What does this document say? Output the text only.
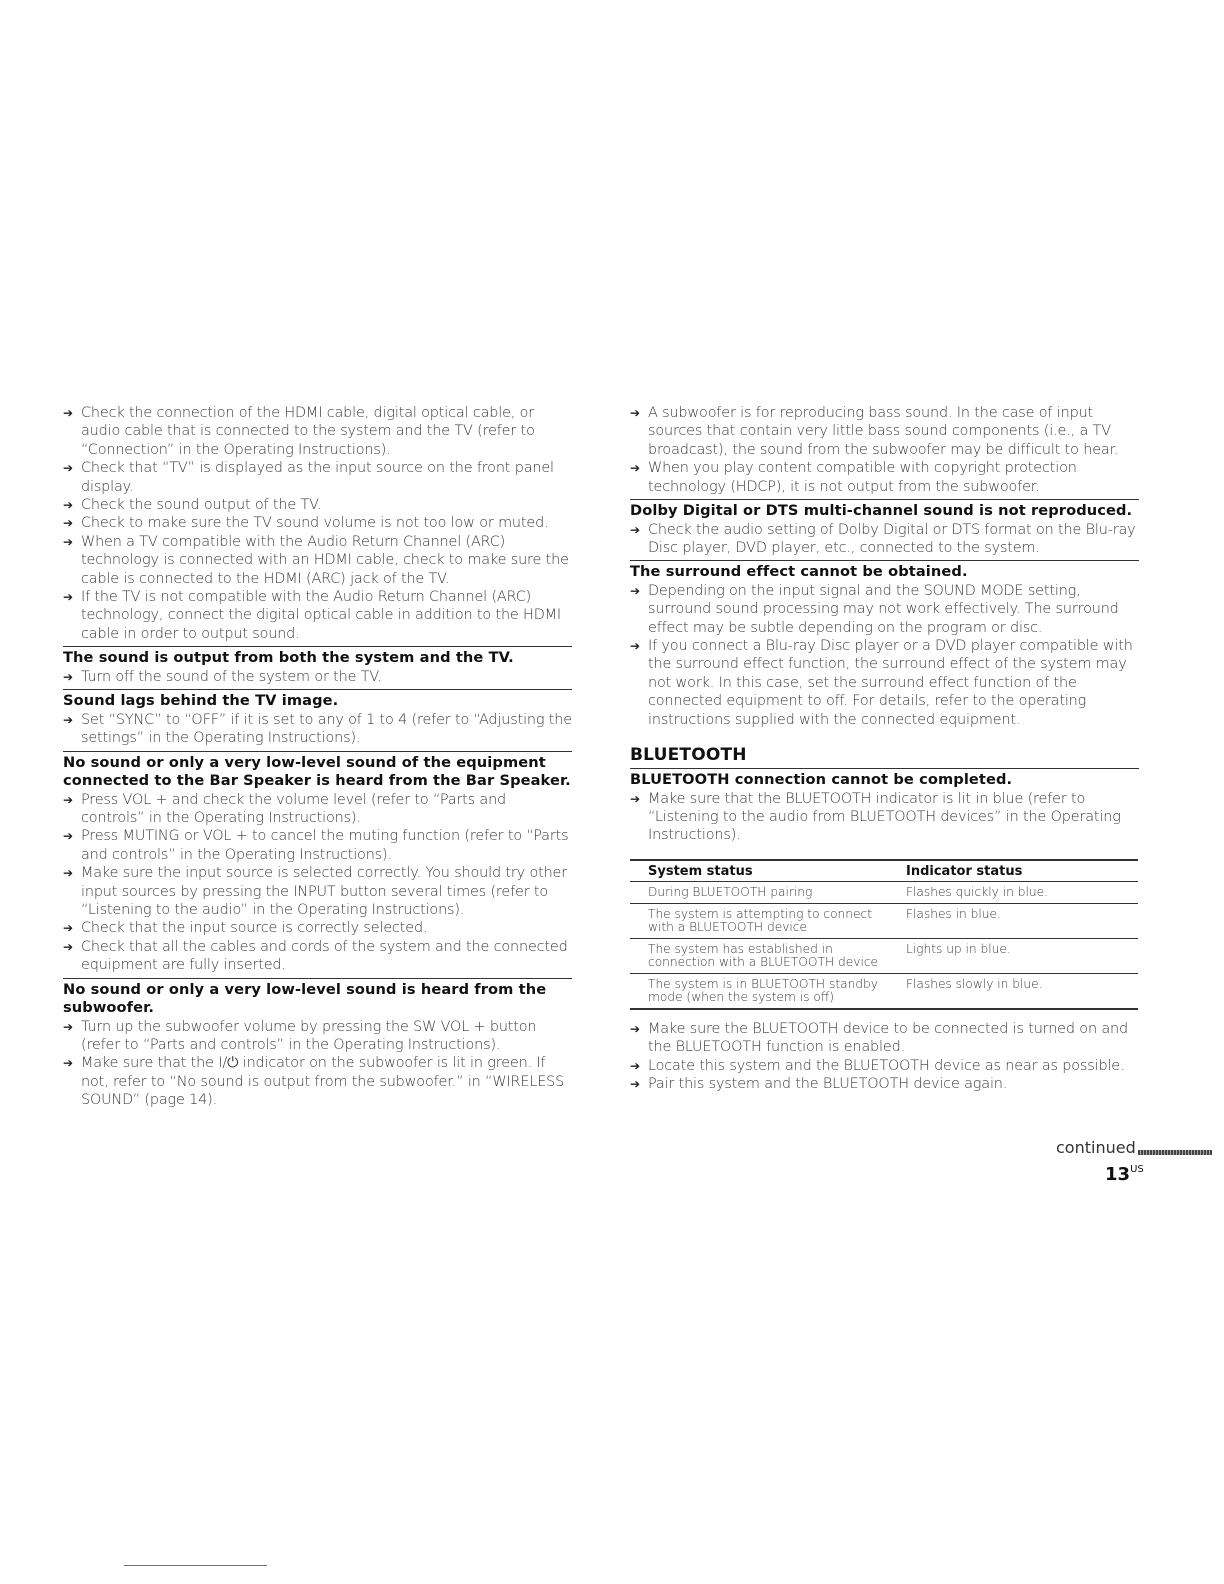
➔ Check the connection of the HDMI cable, digital optical cable, or audio cable that is connected to the system and the TV (refer to “Connection” in the Operating Instructions).
➔ Check that “TV” is displayed as the input source on the front panel display.
➔ Check the sound output of the TV.
➔ Check to make sure the TV sound volume is not too low or muted.
➔ When a TV compatible with the Audio Return Channel (ARC) technology is connected with an HDMI cable, check to make sure the cable is connected to the HDMI (ARC) jack of the TV.
➔ If the TV is not compatible with the Audio Return Channel (ARC) technology, connect the digital optical cable in addition to the HDMI cable in order to output sound.
The sound is output from both the system and the TV.
➔ Turn off the sound of the system or the TV.
Sound lags behind the TV image.
➔ Set “SYNC” to “OFF” if it is set to any of 1 to 4 (refer to “Adjusting the settings” in the Operating Instructions).
No sound or only a very low-level sound of the equipment connected to the Bar Speaker is heard from the Bar Speaker.
➔ Press VOL + and check the volume level (refer to “Parts and controls” in the Operating Instructions).
➔ Press MUTING or VOL + to cancel the muting function (refer to “Parts and controls” in the Operating Instructions).
➔ Make sure the input source is selected correctly. You should try other input sources by pressing the INPUT button several times (refer to “Listening to the audio” in the Operating Instructions).
➔ Check that the input source is correctly selected.
➔ Check that all the cables and cords of the system and the connected equipment are fully inserted.
No sound or only a very low-level sound is heard from the subwoofer.
➔ Turn up the subwoofer volume by pressing the SW VOL + button (refer to “Parts and controls” in the Operating Instructions).
➔ Make sure that the I/⏻ indicator on the subwoofer is lit in green. If not, refer to “No sound is output from the subwoofer.” in “WIRELESS SOUND” (page 14).
➔ A subwoofer is for reproducing bass sound. In the case of input sources that contain very little bass sound components (i.e., a TV broadcast), the sound from the subwoofer may be difficult to hear.
➔ When you play content compatible with copyright protection technology (HDCP), it is not output from the subwoofer.
Dolby Digital or DTS multi-channel sound is not reproduced.
➔ Check the audio setting of Dolby Digital or DTS format on the Blu-ray Disc player, DVD player, etc., connected to the system.
The surround effect cannot be obtained.
➔ Depending on the input signal and the SOUND MODE setting, surround sound processing may not work effectively. The surround effect may be subtle depending on the program or disc.
➔ If you connect a Blu-ray Disc player or a DVD player compatible with the surround effect function, the surround effect of the system may not work. In this case, set the surround effect function of the connected equipment to off. For details, refer to the operating instructions supplied with the connected equipment.
BLUETOOTH
BLUETOOTH connection cannot be completed.
➔ Make sure that the BLUETOOTH indicator is lit in blue (refer to “Listening to the audio from BLUETOOTH devices” in the Operating Instructions).
System status	Indicator status
During BLUETOOTH pairing	Flashes quickly in blue.
The system is attempting to connect with a BLUETOOTH device	Flashes in blue.
The system has established in connection with a BLUETOOTH device	Lights up in blue.
The system is in BLUETOOTH standby mode (when the system is off)	Flashes slowly in blue.
➔ Make sure the BLUETOOTH device to be connected is turned on and the BLUETOOTH function is enabled.
➔ Locate this system and the BLUETOOTH device as near as possible.
➔ Pair this system and the BLUETOOTH device again.
continued
$13^{US}$
